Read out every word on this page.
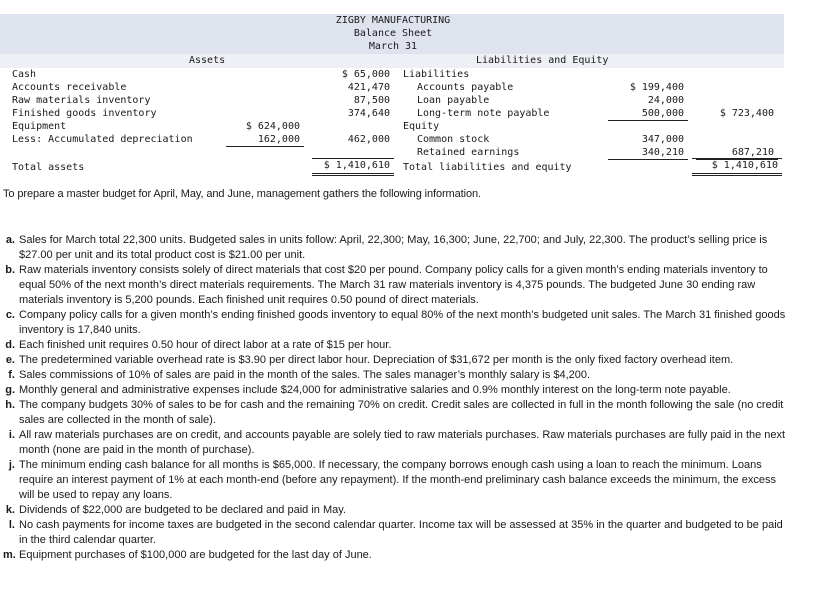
ZIGBY MANUFACTURING
Balance Sheet
March 31
Assets	Liabilities and Equity
Cash	$ 65,000
Accounts receivable	421,470
Raw materials inventory	87,500
Finished goods inventory	374,640
Equipment	$ 624,000
Less: Accumulated depreciation	162,000	462,000
Total assets	$ 1,410,610
Liabilities
Accounts payable	$ 199,400
Loan payable	24,000
Long-term note payable	500,000	$ 723,400
Equity
Common stock	347,000
Retained earnings	340,210	687,210
Total liabilities and equity	$ 1,410,610
To prepare a master budget for April, May, and June, management gathers the following information.
a. Sales for March total 22,300 units. Budgeted sales in units follow: April, 22,300; May, 16,300; June, 22,700; and July, 22,300. The product’s selling price is $27.00 per unit and its total product cost is $21.00 per unit.
b. Raw materials inventory consists solely of direct materials that cost $20 per pound. Company policy calls for a given month’s ending materials inventory to equal 50% of the next month’s direct materials requirements. The March 31 raw materials inventory is 4,375 pounds. The budgeted June 30 ending raw materials inventory is 5,200 pounds. Each finished unit requires 0.50 pound of direct materials.
c. Company policy calls for a given month’s ending finished goods inventory to equal 80% of the next month’s budgeted unit sales. The March 31 finished goods inventory is 17,840 units.
d. Each finished unit requires 0.50 hour of direct labor at a rate of $15 per hour.
e. The predetermined variable overhead rate is $3.90 per direct labor hour. Depreciation of $31,672 per month is the only fixed factory overhead item.
f. Sales commissions of 10% of sales are paid in the month of the sales. The sales manager’s monthly salary is $4,200.
g. Monthly general and administrative expenses include $24,000 for administrative salaries and 0.9% monthly interest on the long-term note payable.
h. The company budgets 30% of sales to be for cash and the remaining 70% on credit. Credit sales are collected in full in the month following the sale (no credit sales are collected in the month of sale).
i. All raw materials purchases are on credit, and accounts payable are solely tied to raw materials purchases. Raw materials purchases are fully paid in the next month (none are paid in the month of purchase).
j. The minimum ending cash balance for all months is $65,000. If necessary, the company borrows enough cash using a loan to reach the minimum. Loans require an interest payment of 1% at each month-end (before any repayment). If the month-end preliminary cash balance exceeds the minimum, the excess will be used to repay any loans.
k. Dividends of $22,000 are budgeted to be declared and paid in May.
l. No cash payments for income taxes are budgeted in the second calendar quarter. Income tax will be assessed at 35% in the quarter and budgeted to be paid in the third calendar quarter.
m. Equipment purchases of $100,000 are budgeted for the last day of June.
